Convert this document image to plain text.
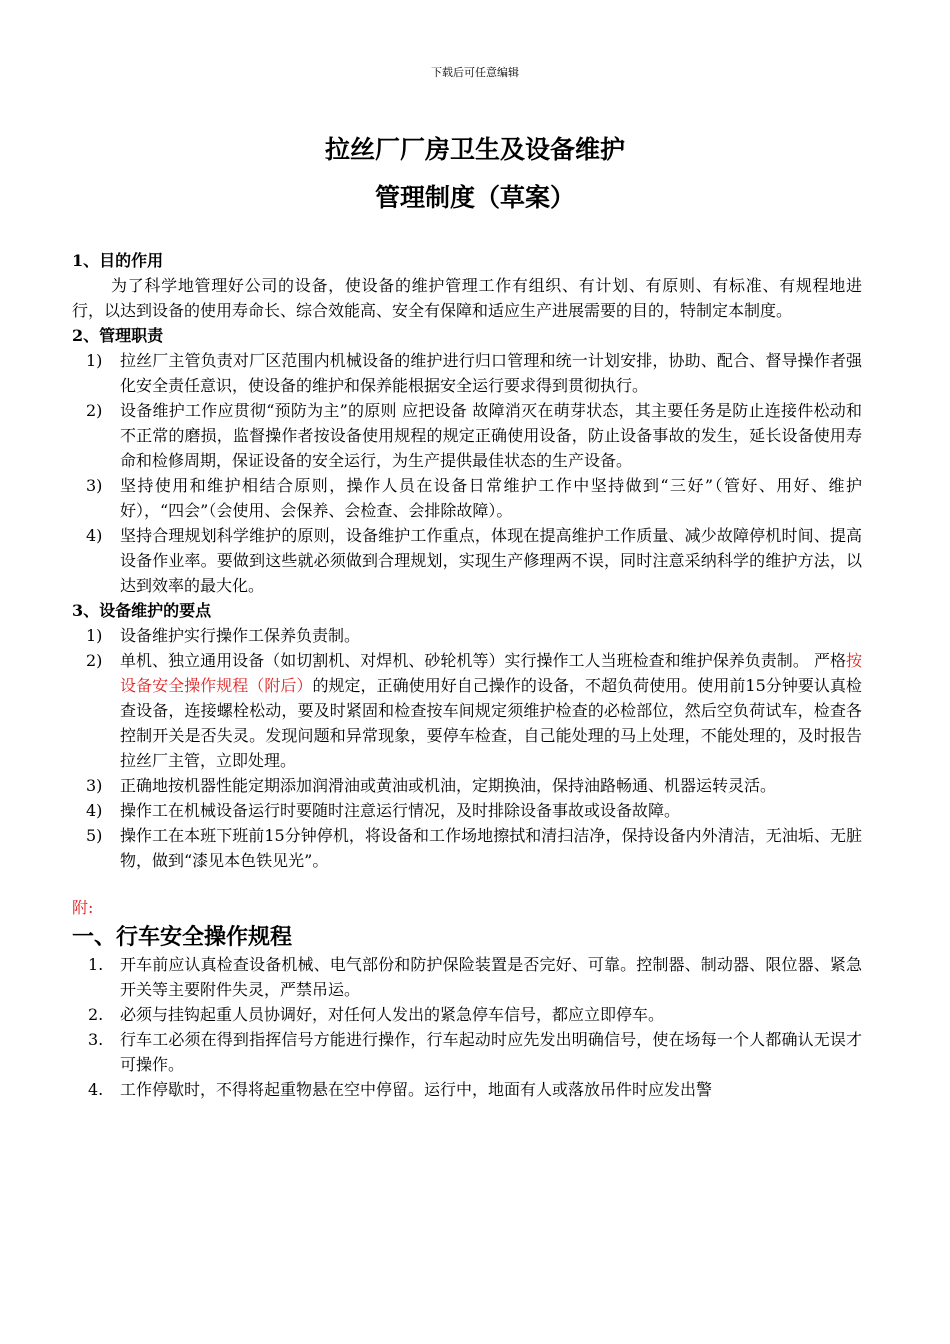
下载后可任意编辑
拉丝厂厂房卫生及设备维护
管理制度（草案）

1、目的作用

为了科学地管理好公司的设备，使设备的维护管理工作有组织、有计划、有原则、有标准、有规程地进行，以达到设备的使用寿命长、综合效能高、安全有保障和适应生产进展需要的目的，特制定本制度。

2、管理职责

1) 拉丝厂主管负责对厂区范围内机械设备的维护进行归口管理和统一计划安排，协助、配合、督导操作者强化安全责任意识，使设备的维护和保养能根据安全运行要求得到贯彻执行。
2) 设备维护工作应贯彻“预防为主”的原则 应把设备 故障消灭在萌芽状态，其主要任务是防止连接件松动和不正常的磨损，监督操作者按设备使用规程的规定正确使用设备，防止设备事故的发生，延长设备使用寿命和检修周期，保证设备的安全运行，为生产提供最佳状态的生产设备。
3) 坚持使用和维护相结合原则，操作人员在设备日常维护工作中坚持做到“三好”（管好、用好、维护好），“四会”（会使用、会保养、会检查、会排除故障）。
4) 坚持合理规划科学维护的原则，设备维护工作重点，体现在提高维护工作质量、减少故障停机时间、提高设备作业率。要做到这些就必须做到合理规划，实现生产修理两不误，同时注意采纳科学的维护方法，以达到效率的最大化。

3、设备维护的要点

1) 设备维护实行操作工保养负责制。
2) 单机、独立通用设备（如切割机、对焊机、砂轮机等）实行操作工人当班检查和维护保养负责制。 严格按设备安全操作规程（附后）的规定，正确使用好自己操作的设备，不超负荷使用。使用前15分钟要认真检查设备，连接螺栓松动，要及时紧固和检查按车间规定须维护检查的必检部位，然后空负荷试车，检查各控制开关是否失灵。发现问题和异常现象，要停车检查，自己能处理的马上处理，不能处理的，及时报告拉丝厂主管，立即处理。
3) 正确地按机器性能定期添加润滑油或黄油或机油，定期换油，保持油路畅通、机器运转灵活。
4) 操作工在机械设备运行时要随时注意运行情况，及时排除设备事故或设备故障。
5) 操作工在本班下班前15分钟停机，将设备和工作场地擦拭和清扫洁净，保持设备内外清洁，无油垢、无脏物，做到“漆见本色铁见光”。

附:

一、行车安全操作规程

1. 开车前应认真检查设备机械、电气部份和防护保险装置是否完好、可靠。控制器、制动器、限位器、紧急开关等主要附件失灵，严禁吊运。
2. 必须与挂钩起重人员协调好，对任何人发出的紧急停车信号，都应立即停车。
3. 行车工必须在得到指挥信号方能进行操作，行车起动时应先发出明确信号，使在场每一个人都确认无误才可操作。
4. 工作停歇时，不得将起重物悬在空中停留。运行中，地面有人或落放吊件时应发出警
